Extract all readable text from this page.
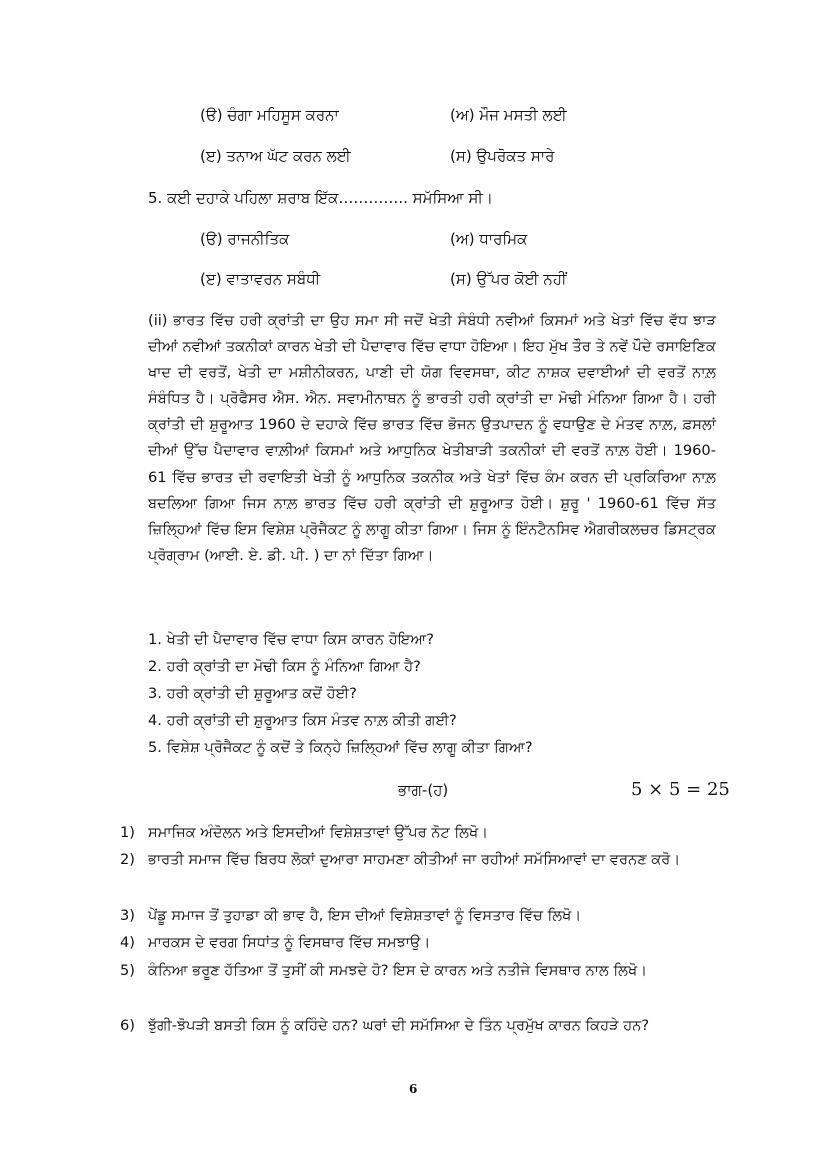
(ੳ) ਚੰਗਾ ਮਹਿਸੂਸ ਕਰਨਾ	(ਅ) ਮੌਜ ਮਸਤੀ ਲਈ
(ੲ) ਤਨਾਅ ਘੱਟ ਕਰਨ ਲਈ	(ਸ) ਉਪਰੋਕਤ ਸਾਰੇ
5. ਕਈ ਦਹਾਕੇ ਪਹਿਲਾ ਸ਼ਰਾਬ ਇੱਕ………….. ਸਮੱਸਿਆ ਸੀ।
(ੳ) ਰਾਜਨੀਤਿਕ	(ਅ) ਧਾਰਮਿਕ
(ੲ) ਵਾਤਾਵਰਨ ਸਬੰਧੀ	(ਸ) ਉੱਪਰ ਕੋਈ ਨਹੀਂ
(ii) ਭਾਰਤ ਵਿੱਚ ਹਰੀ ਕ੍ਰਾਂਤੀ ਦਾ ਉਹ ਸਮਾ ਸੀ ਜਦੋਂ ਖੇਤੀ ਸੰਬੰਧੀ ਨਵੀਆਂ ਕਿਸਮਾਂ ਅਤੇ ਖੇਤਾਂ ਵਿੱਚ ਵੱਧ ਝਾੜ ਦੀਆਂ ਨਵੀਆਂ ਤਕਨੀਕਾਂ ਕਾਰਨ ਖੇਤੀ ਦੀ ਪੈਦਾਵਾਰ ਵਿੱਚ ਵਾਧਾ ਹੋਇਆ। ਇਹ ਮੁੱਖ ਤੌਰ ਤੇ ਨਵੇਂ ਪੌਦੇ ਰਸਾਇਣਿਕ ਖਾਦ ਦੀ ਵਰਤੋਂ, ਖੇਤੀ ਦਾ ਮਸ਼ੀਨੀਕਰਨ, ਪਾਣੀ ਦੀ ਯੋਗ ਵਿਵਸਥਾ, ਕੀਟ ਨਾਸ਼ਕ ਦਵਾਈਆਂ ਦੀ ਵਰਤੋਂ ਨਾਲ਼ ਸੰਬੰਧਿਤ ਹੈ। ਪ੍ਰੋਫੈਸਰ ਐਸ. ਐਨ. ਸਵਾਮੀਨਾਥਨ ਨੂੰ ਭਾਰਤੀ ਹਰੀ ਕ੍ਰਾਂਤੀ ਦਾ ਮੋਢੀ ਮੰਨਿਆ ਗਿਆ ਹੈ। ਹਰੀ ਕ੍ਰਾਂਤੀ ਦੀ ਸ਼ੁਰੂਆਤ 1960 ਦੇ ਦਹਾਕੇ ਵਿੱਚ ਭਾਰਤ ਵਿੱਚ ਭੋਜਨ ਉਤਪਾਦਨ ਨੂੰ ਵਧਾਉਣ ਦੇ ਮੰਤਵ ਨਾਲ਼, ਫ਼ਸਲਾਂ ਦੀਆਂ ਉੱਚ ਪੈਦਾਵਾਰ ਵਾਲ਼ੀਆਂ ਕਿਸਮਾਂ ਅਤੇ ਆਧੁਨਿਕ ਖੇਤੀਬਾੜੀ ਤਕਨੀਕਾਂ ਦੀ ਵਰਤੋਂ ਨਾਲ਼ ਹੋਈ। 1960-61 ਵਿੱਚ ਭਾਰਤ ਦੀ ਰਵਾਇਤੀ ਖੇਤੀ ਨੂੰ ਆਧੁਨਿਕ ਤਕਨੀਕ ਅਤੇ ਖੇਤਾਂ ਵਿੱਚ ਕੰਮ ਕਰਨ ਦੀ ਪ੍ਰਕਿਰਿਆ ਨਾਲ਼ ਬਦਲਿਆ ਗਿਆ ਜਿਸ ਨਾਲ਼ ਭਾਰਤ ਵਿੱਚ ਹਰੀ ਕ੍ਰਾਂਤੀ ਦੀ ਸ਼ੁਰੂਆਤ ਹੋਈ। ਸ਼ੁਰੂ ' 1960-61 ਵਿੱਚ ਸੱਤ ਜ਼ਿਲ੍ਹਿਆਂ ਵਿੱਚ ਇਸ ਵਿਸ਼ੇਸ਼ ਪ੍ਰੋਜੈਕਟ ਨੂੰ ਲਾਗੂ ਕੀਤਾ ਗਿਆ। ਜਿਸ ਨੂੰ ਇੰਨਟੈਨਸਿਵ ਐਗਰੀਕਲਚਰ ਡਿਸਟ੍ਰਕ ਪ੍ਰੋਗ੍ਰਾਮ (ਆਈ. ਏ. ਡੀ. ਪੀ. ) ਦਾ ਨਾਂ ਦਿੱਤਾ ਗਿਆ।
1. ਖੇਤੀ ਦੀ ਪੈਦਾਵਾਰ ਵਿੱਚ ਵਾਧਾ ਕਿਸ ਕਾਰਨ ਹੋਇਆ?
2. ਹਰੀ ਕ੍ਰਾਂਤੀ ਦਾ ਮੋਢੀ ਕਿਸ ਨੂੰ ਮੰਨਿਆ ਗਿਆ ਹੈ?
3. ਹਰੀ ਕ੍ਰਾਂਤੀ ਦੀ ਸ਼ੁਰੂਆਤ ਕਦੋਂ ਹੋਈ?
4. ਹਰੀ ਕ੍ਰਾਂਤੀ ਦੀ ਸ਼ੁਰੂਆਤ ਕਿਸ ਮੰਤਵ ਨਾਲ਼ ਕੀਤੀ ਗਈ?
5. ਵਿਸ਼ੇਸ਼ ਪ੍ਰੋਜੈਕਟ ਨੂੰ ਕਦੋਂ ਤੇ ਕਿਨ੍ਹੇ ਜ਼ਿਲ੍ਹਿਆਂ ਵਿੱਚ ਲਾਗੂ ਕੀਤਾ ਗਿਆ?
ਭਾਗ-(ਹ)	5 × 5 = 25
1) ਸਮਾਜਿਕ ਅੰਦੋਲਨ ਅਤੇ ਇਸਦੀਆਂ ਵਿਸ਼ੇਸ਼ਤਾਵਾਂ ਉੱਪਰ ਨੋਟ ਲਿਖੋ।
2) ਭਾਰਤੀ ਸਮਾਜ ਵਿੱਚ ਬਿਰਧ ਲੋਕਾਂ ਦੁਆਰਾ ਸਾਹਮਣਾ ਕੀਤੀਆਂ ਜਾ ਰਹੀਆਂ ਸਮੱਸਿਆਵਾਂ ਦਾ ਵਰਨਣ ਕਰੋ।
3) ਪੇਂਡੂ ਸਮਾਜ ਤੋਂ ਤੁਹਾਡਾ ਕੀ ਭਾਵ ਹੈ, ਇਸ ਦੀਆਂ ਵਿਸ਼ੇਸ਼ਤਾਵਾਂ ਨੂੰ ਵਿਸਤਾਰ ਵਿੱਚ ਲਿਖੋ।
4) ਮਾਰਕਸ ਦੇ ਵਰਗ ਸਿਧਾਂਤ ਨੂੰ ਵਿਸਥਾਰ ਵਿੱਚ ਸਮਝਾਉ।
5) ਕੰਨਿਆ ਭਰੂਣ ਹੱਤਿਆ ਤੋਂ ਤੁਸੀਂ ਕੀ ਸਮਝਦੇ ਹੋ? ਇਸ ਦੇ ਕਾਰਨ ਅਤੇ ਨਤੀਜੇ ਵਿਸਥਾਰ ਨਾਲ ਲਿਖੋ।
6) ਝੁੱਗੀ-ਝੋਪੜੀ ਬਸਤੀ ਕਿਸ ਨੂੰ ਕਹਿੰਦੇ ਹਨ? ਘਰਾਂ ਦੀ ਸਮੱਸਿਆ ਦੇ ਤਿੰਨ ਪ੍ਰਮੁੱਖ ਕਾਰਨ ਕਿਹੜੇ ਹਨ?
6
